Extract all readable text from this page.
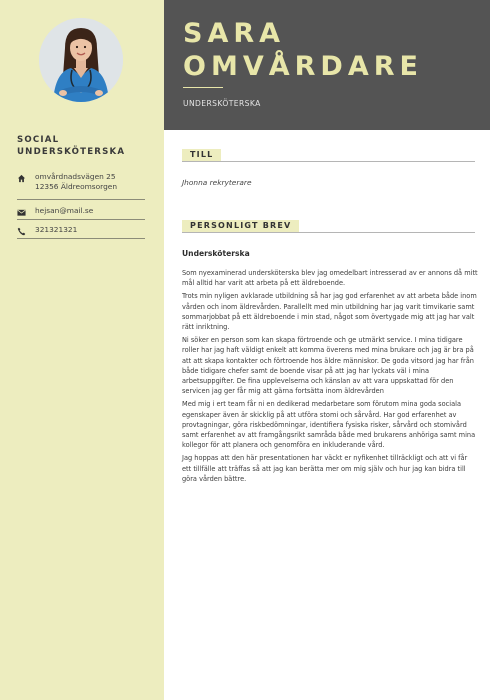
SOCIAL UNDERSKÖTERSKA
omvårdnadsvägen 25
12356 Äldreomsorgen
hejsan@mail.se
321321321
SARA OMVÅRDARE
UNDERSKÖTERSKA
TILL
Jhonna rekryterare
PERSONLIGT BREV
Undersköterska

Som nyexaminerad undersköterska blev jag omedelbart intresserad av er annons då mitt mål alltid har varit att arbeta på ett äldreboende.

Trots min nyligen avklarade utbildning så har jag god erfarenhet av att arbeta både inom vården och inom äldrevården. Parallellt med min utbildning har jag varit timvikarie samt sommarjobbat på ett äldreboende i min stad, något som övertygade mig att jag har valt rätt inriktning.

Ni söker en person som kan skapa förtroende och ge utmärkt service. I mina tidigare roller har jag haft väldigt enkelt att komma överens med mina brukare och jag är bra på att att skapa kontakter och förtroende hos äldre människor. De goda vitsord jag har från både tidigare chefer samt de boende visar på att jag har lyckats väl i mina arbetsuppgifter. De fina upplevelserna och känslan av att vara uppskattad för den servicen jag ger får mig att gärna fortsätta inom äldrevården

Med mig i ert team får ni en dedikerad medarbetare som förutom mina goda sociala egenskaper även är skicklig på att utföra stomi och sårvård. Har god erfarenhet av provtagningar, göra riskbedömningar, identifiera fysiska risker, sårvård och stomivård samt erfarenhet av att framgångsrikt samråda både med brukarens anhöriga samt mina kollegor för att planera och genomföra en inkluderande vård.

Jag hoppas att den här presentationen har väckt er nyfikenhet tillräckligt och att vi får ett tillfälle att träffas så att jag kan berätta mer om mig själv och hur jag kan bidra till göra vården bättre.
